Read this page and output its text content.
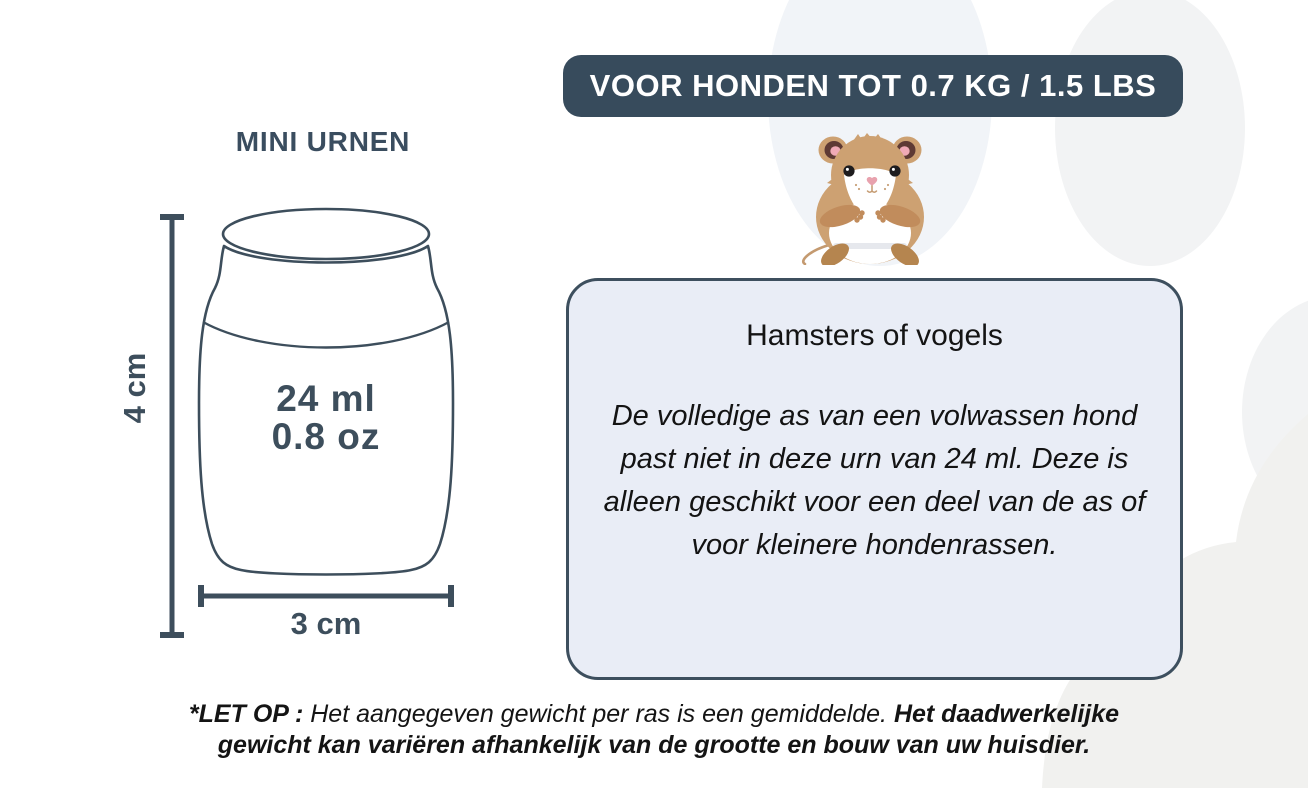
VOOR HONDEN TOT 0.7 KG / 1.5 LBS
MINI URNEN
4 cm	24 ml
0.8 oz
3 cm
Hamsters of vogels
De volledige as van een volwassen hond past niet in deze urn van 24 ml. Deze is alleen geschikt voor een deel van de as of voor kleinere hondenrassen.
*LET OP : Het aangegeven gewicht per ras is een gemiddelde. Het daadwerkelijke gewicht kan variëren afhankelijk van de grootte en bouw van uw huisdier.
